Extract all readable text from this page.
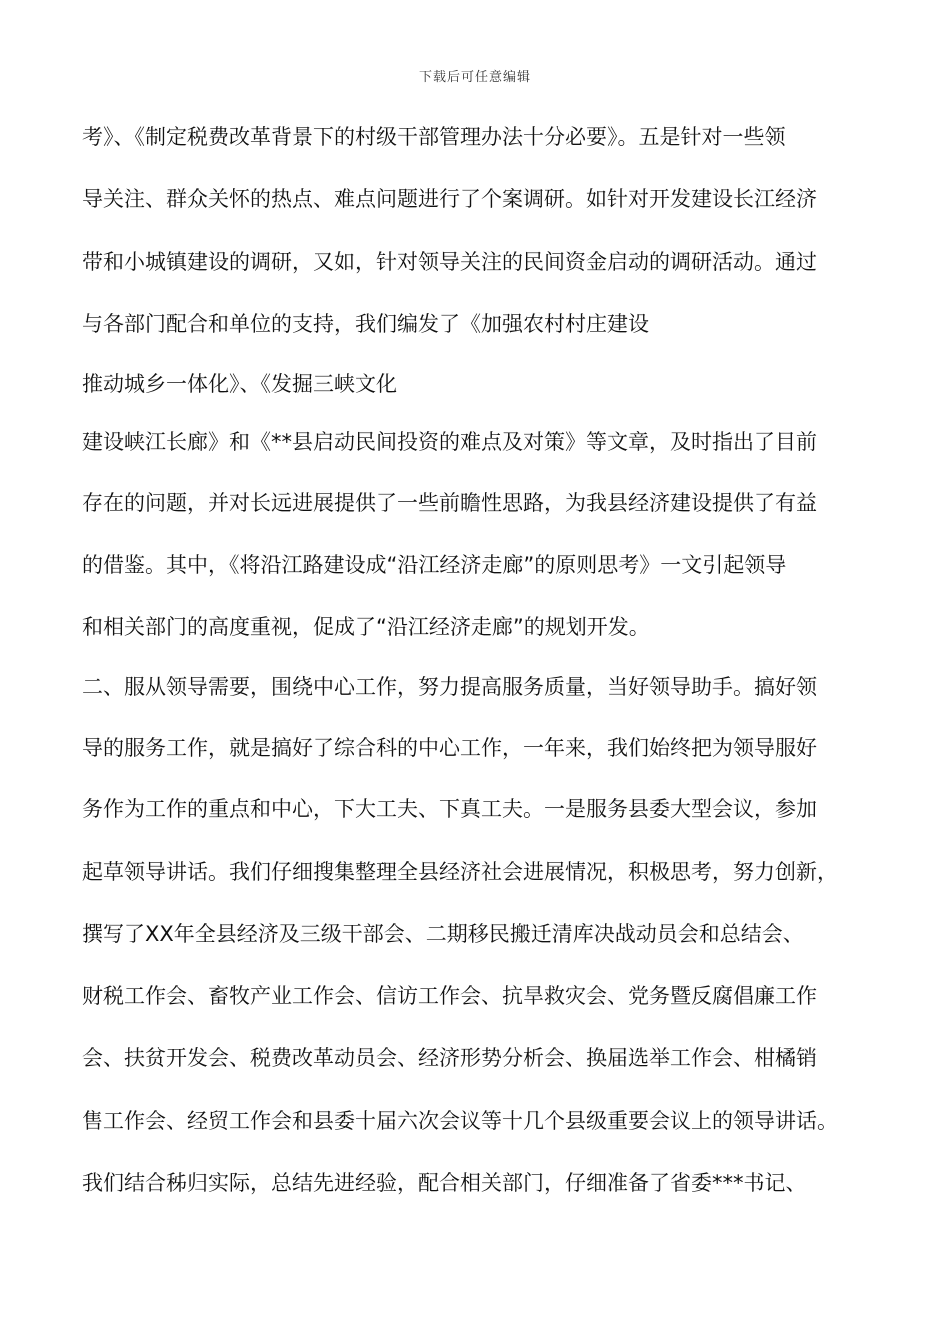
下载后可任意编辑
考》、《制定税费改革背景下的村级干部管理办法十分必要》。五是针对一些领
导关注、群众关怀的热点、难点问题进行了个案调研。如针对开发建设长江经济
带和小城镇建设的调研，又如，针对领导关注的民间资金启动的调研活动。通过
与各部门配合和单位的支持，我们编发了《加强农村村庄建设
推动城乡一体化》、《发掘三峡文化
建设峡江长廊》和《**县启动民间投资的难点及对策》等文章，及时指出了目前
存在的问题，并对长远进展提供了一些前瞻性思路，为我县经济建设提供了有益
的借鉴。其中，《将沿江路建设成“沿江经济走廊”的原则思考》一文引起领导
和相关部门的高度重视，促成了“沿江经济走廊”的规划开发。
二、服从领导需要，围绕中心工作，努力提高服务质量，当好领导助手。搞好领
导的服务工作，就是搞好了综合科的中心工作，一年来，我们始终把为领导服好
务作为工作的重点和中心，下大工夫、下真工夫。一是服务县委大型会议，参加
起草领导讲话。我们仔细搜集整理全县经济社会进展情况，积极思考，努力创新，
撰写了XX年全县经济及三级干部会、二期移民搬迁清库决战动员会和总结会、
财税工作会、畜牧产业工作会、信访工作会、抗旱救灾会、党务暨反腐倡廉工作
会、扶贫开发会、税费改革动员会、经济形势分析会、换届选举工作会、柑橘销
售工作会、经贸工作会和县委十届六次会议等十几个县级重要会议上的领导讲话。
我们结合秭归实际，总结先进经验，配合相关部门，仔细准备了省委***书记、
